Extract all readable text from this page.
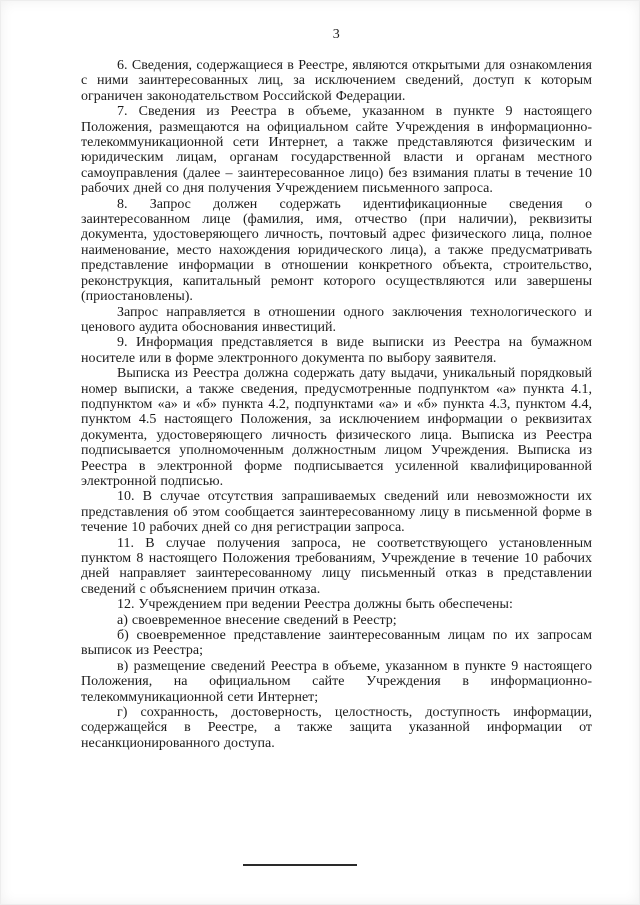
3

6. Сведения, содержащиеся в Реестре, являются открытыми для ознакомления с ними заинтересованных лиц, за исключением сведений, доступ к которым ограничен законодательством Российской Федерации.

7. Сведения из Реестра в объеме, указанном в пункте 9 настоящего Положения, размещаются на официальном сайте Учреждения в информационно-телекоммуникационной сети Интернет, а также представляются физическим и юридическим лицам, органам государственной власти и органам местного самоуправления (далее – заинтересованное лицо) без взимания платы в течение 10 рабочих дней со дня получения Учреждением письменного запроса.

8. Запрос должен содержать идентификационные сведения о заинтересованном лице (фамилия, имя, отчество (при наличии), реквизиты документа, удостоверяющего личность, почтовый адрес физического лица, полное наименование, место нахождения юридического лица), а также предусматривать представление информации в отношении конкретного объекта, строительство, реконструкция, капитальный ремонт которого осуществляются или завершены (приостановлены).

Запрос направляется в отношении одного заключения технологического и ценового аудита обоснования инвестиций.

9. Информация представляется в виде выписки из Реестра на бумажном носителе или в форме электронного документа по выбору заявителя.

Выписка из Реестра должна содержать дату выдачи, уникальный порядковый номер выписки, а также сведения, предусмотренные подпунктом «а» пункта 4.1, подпунктом «а» и «б» пункта 4.2, подпунктами «а» и «б» пункта 4.3, пунктом 4.4, пунктом 4.5 настоящего Положения, за исключением информации о реквизитах документа, удостоверяющего личность физического лица. Выписка из Реестра подписывается уполномоченным должностным лицом Учреждения. Выписка из Реестра в электронной форме подписывается усиленной квалифицированной электронной подписью.

10. В случае отсутствия запрашиваемых сведений или невозможности их представления об этом сообщается заинтересованному лицу в письменной форме в течение 10 рабочих дней со дня регистрации запроса.

11. В случае получения запроса, не соответствующего установленным пунктом 8 настоящего Положения требованиям, Учреждение в течение 10 рабочих дней направляет заинтересованному лицу письменный отказ в представлении сведений с объяснением причин отказа.

12. Учреждением при ведении Реестра должны быть обеспечены:

а) своевременное внесение сведений в Реестр;

б) своевременное представление заинтересованным лицам по их запросам выписок из Реестра;

в) размещение сведений Реестра в объеме, указанном в пункте 9 настоящего Положения, на официальном сайте Учреждения в информационно-телекоммуникационной сети Интернет;

г) сохранность, достоверность, целостность, доступность информации, содержащейся в Реестре, а также защита указанной информации от несанкционированного доступа.
